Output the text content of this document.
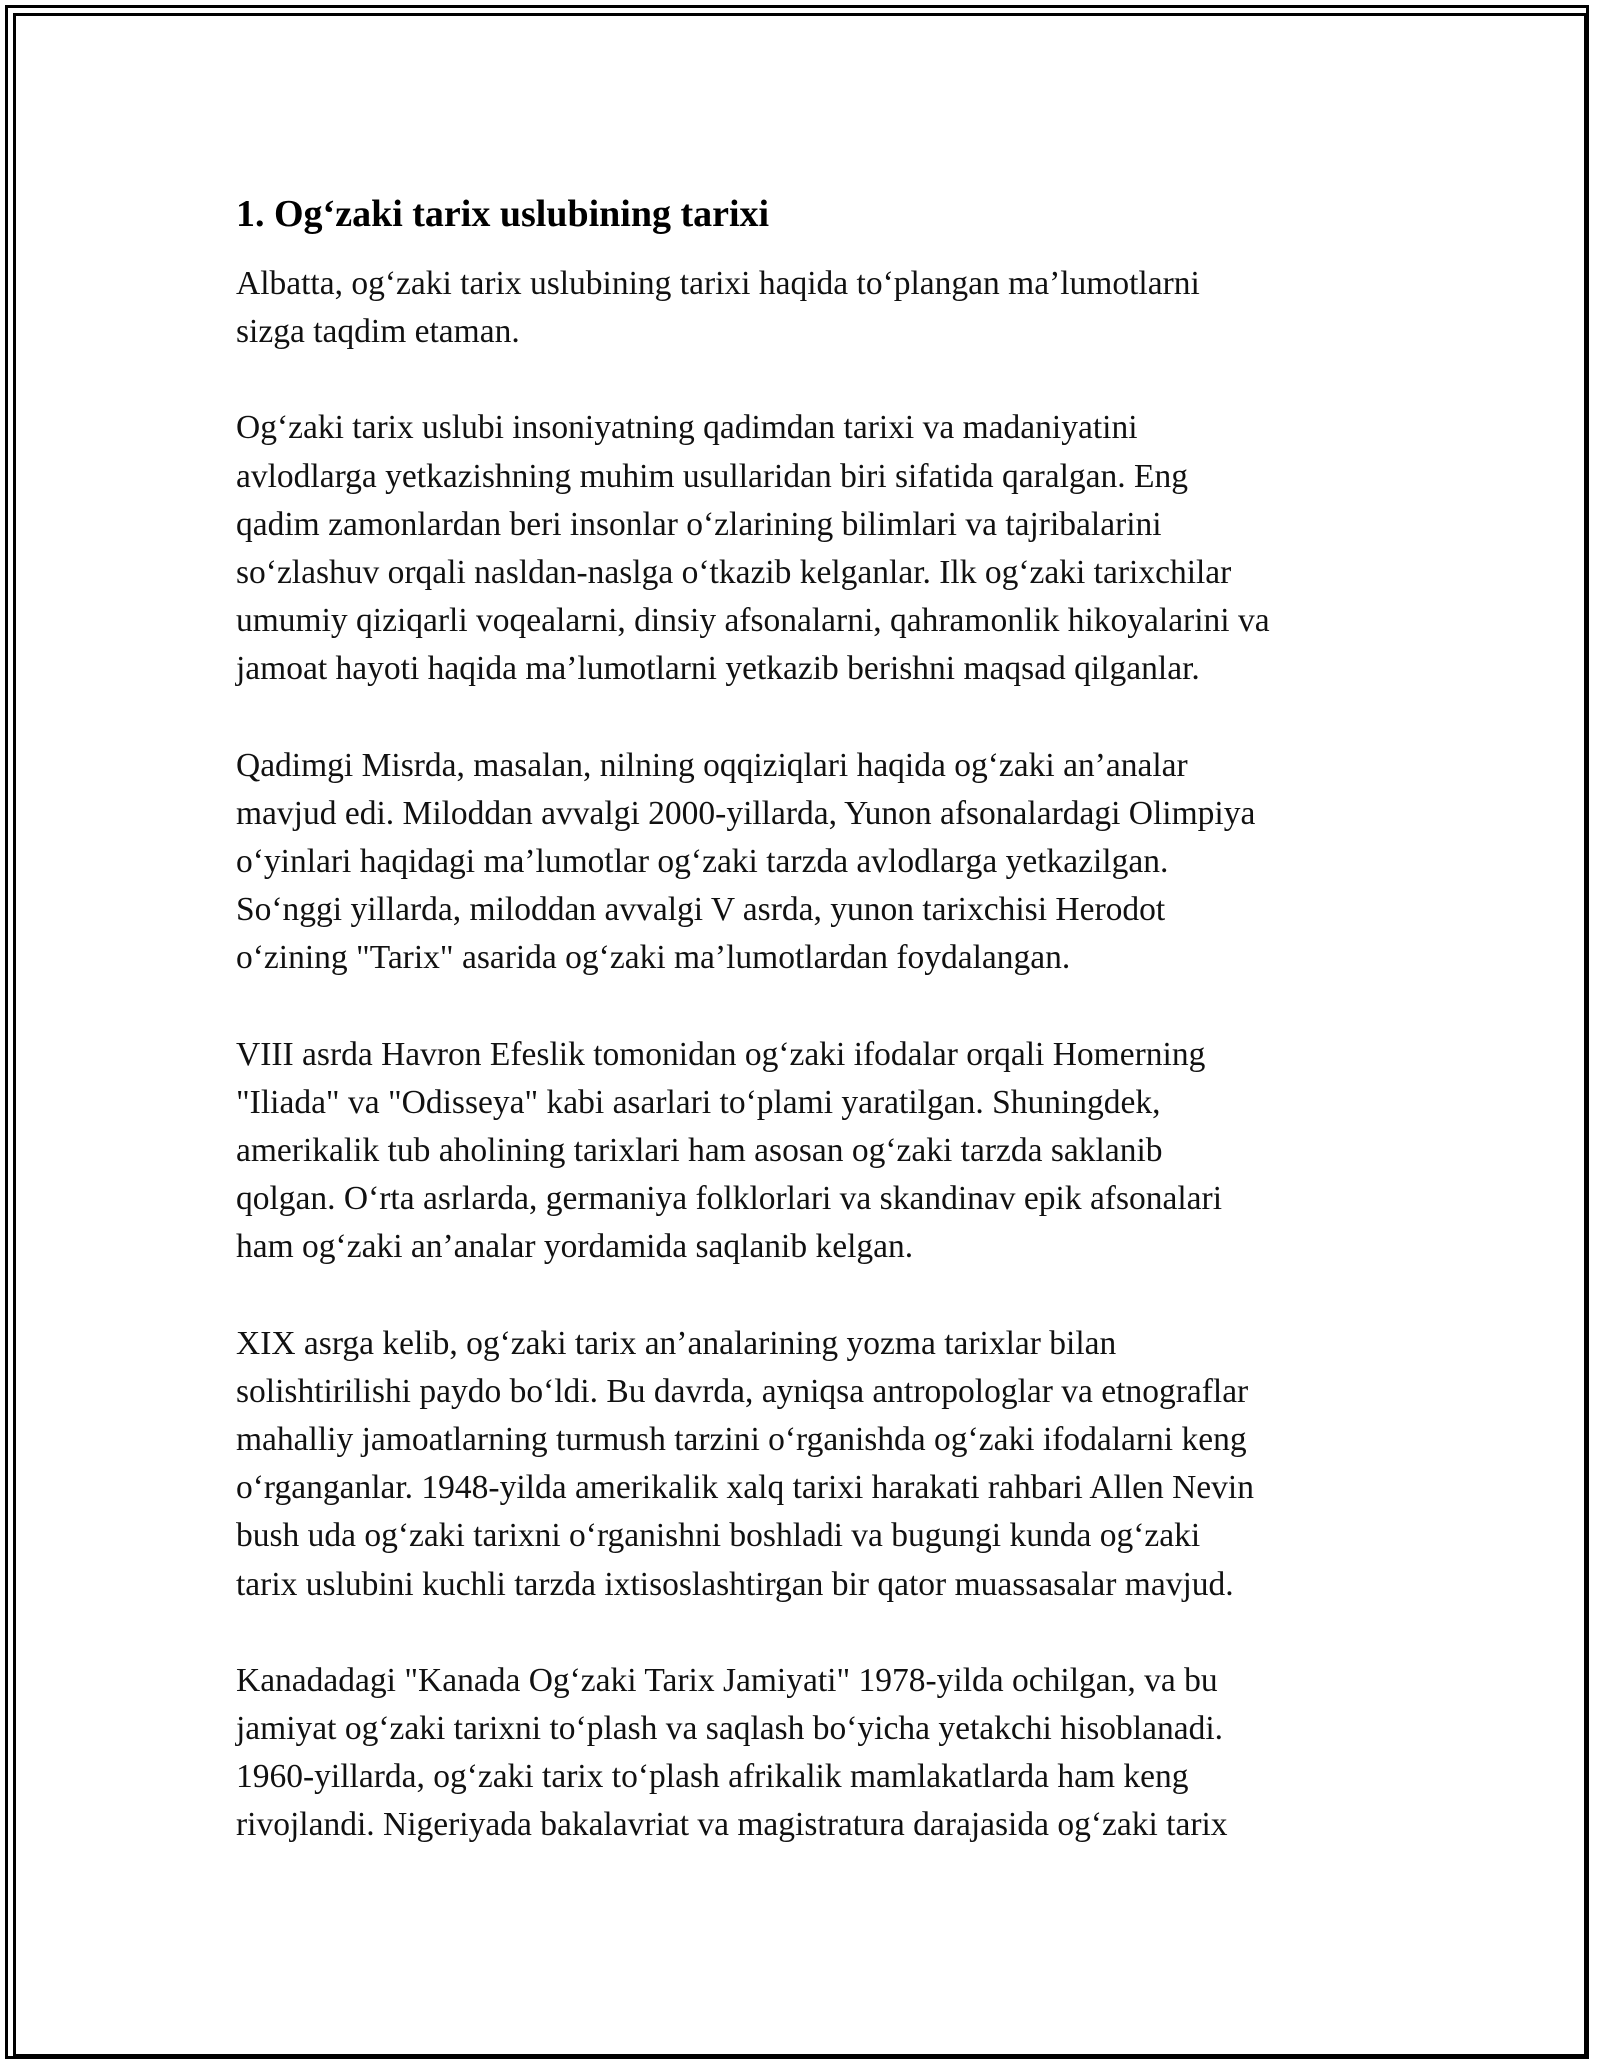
1. Og‘zaki tarix uslubining tarixi
Albatta, og‘zaki tarix uslubining tarixi haqida to‘plangan ma’lumotlarni
sizga taqdim etaman.
Og‘zaki tarix uslubi insoniyatning qadimdan tarixi va madaniyatini
avlodlarga yetkazishning muhim usullaridan biri sifatida qaralgan. Eng
qadim zamonlardan beri insonlar o‘zlarining bilimlari va tajribalarini
so‘zlashuv orqali nasldan-naslga o‘tkazib kelganlar. Ilk og‘zaki tarixchilar
umumiy qiziqarli voqealarni, dinsiy afsonalarni, qahramonlik hikoyalarini va
jamoat hayoti haqida ma’lumotlarni yetkazib berishni maqsad qilganlar.
Qadimgi Misrda, masalan, nilning oqqiziqlari haqida og‘zaki an’analar
mavjud edi. Miloddan avvalgi 2000-yillarda, Yunon afsonalardagi Olimpiya
o‘yinlari haqidagi ma’lumotlar og‘zaki tarzda avlodlarga yetkazilgan.
So‘nggi yillarda, miloddan avvalgi V asrda, yunon tarixchisi Herodot
o‘zining "Tarix" asarida og‘zaki ma’lumotlardan foydalangan.
VIII asrda Havron Efeslik tomonidan og‘zaki ifodalar orqali Homerning
"Iliada" va "Odisseya" kabi asarlari to‘plami yaratilgan. Shuningdek,
amerikalik tub aholining tarixlari ham asosan og‘zaki tarzda saklanib
qolgan. O‘rta asrlarda, germaniya folklorlari va skandinav epik afsonalari
ham og‘zaki an’analar yordamida saqlanib kelgan.
XIX asrga kelib, og‘zaki tarix an’analarining yozma tarixlar bilan
solishtirilishi paydo bo‘ldi. Bu davrda, ayniqsa antropologlar va etnograflar
mahalliy jamoatlarning turmush tarzini o‘rganishda og‘zaki ifodalarni keng
o‘rganganlar. 1948-yilda amerikalik xalq tarixi harakati rahbari Allen Nevin
bush uda og‘zaki tarixni o‘rganishni boshladi va bugungi kunda og‘zaki
tarix uslubini kuchli tarzda ixtisoslashtirgan bir qator muassasalar mavjud.
Kanadadagi "Kanada Og‘zaki Tarix Jamiyati" 1978-yilda ochilgan, va bu
jamiyat og‘zaki tarixni to‘plash va saqlash bo‘yicha yetakchi hisoblanadi.
1960-yillarda, og‘zaki tarix to‘plash afrikalik mamlakatlarda ham keng
rivojlandi. Nigeriyada bakalavriat va magistratura darajasida og‘zaki tarix
